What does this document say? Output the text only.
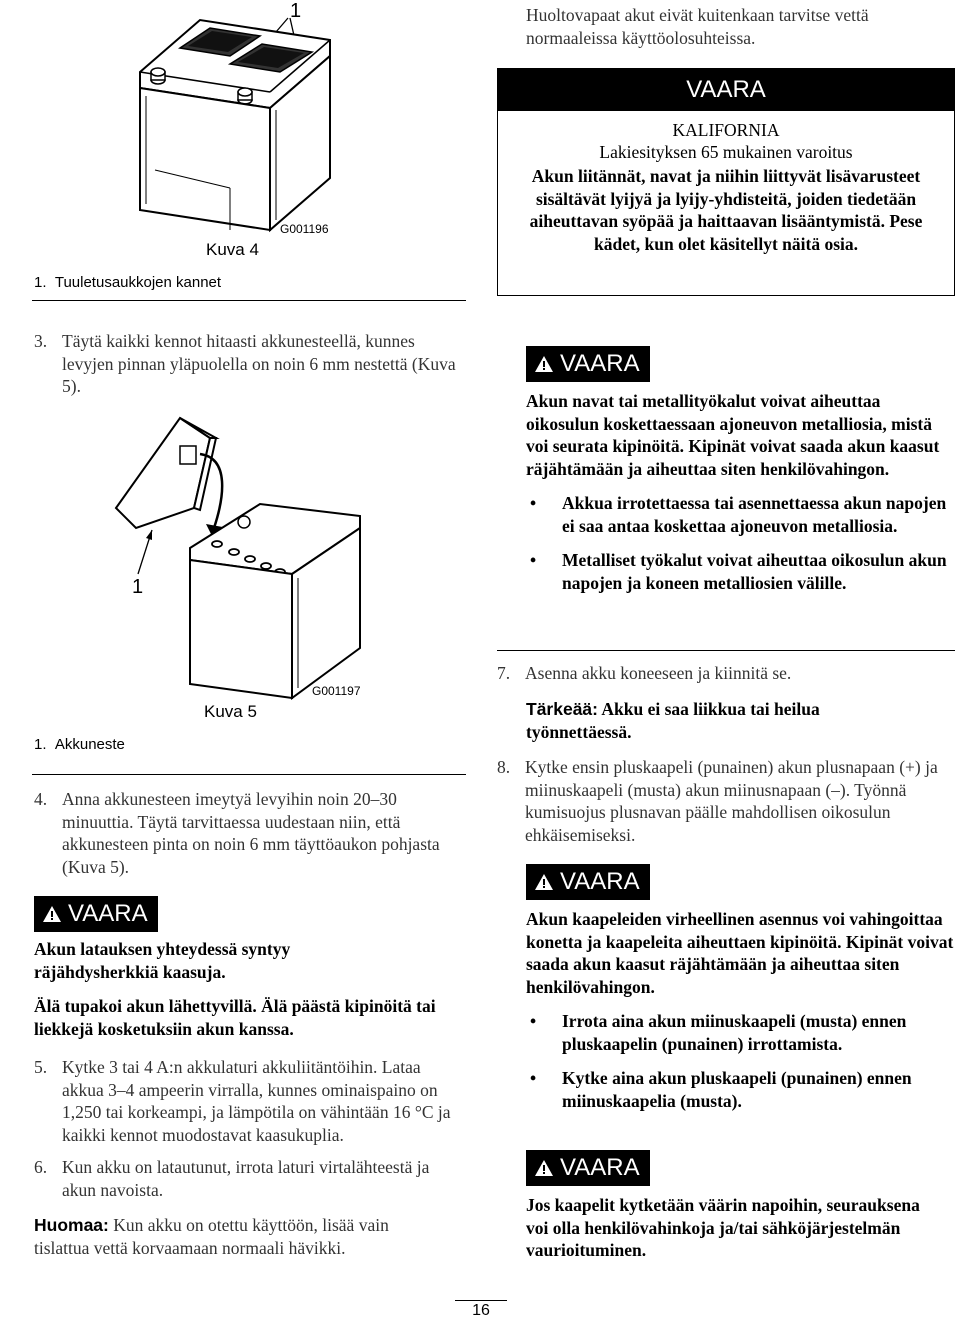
1
G001196
Kuva 4
1.  Tuuletusaukkojen kannet
3. Täytä kaikki kennot hitaasti akkunesteellä, kunnes levyjen pinnan yläpuolella on noin 6 mm nestettä (Kuva 5).
1
G001197
Kuva 5
1.  Akkuneste
4. Anna akkunesteen imeytyä levyihin noin 20–30 minuuttia. Täytä tarvittaessa uudestaan niin, että akkunesteen pinta on noin 6 mm täyttöaukon pohjasta (Kuva 5).
VAARA
Akun latauksen yhteydessä syntyy räjähdysherkkiä kaasuja.
Älä tupakoi akun lähettyvillä. Älä päästä kipinöitä tai liekkejä kosketuksiin akun kanssa.
5. Kytke 3 tai 4 A:n akkulaturi akkuliitäntöihin. Lataa akkua 3–4 ampeerin virralla, kunnes ominaispaino on 1,250 tai korkeampi, ja lämpötila on vähintään 16 °C ja kaikki kennot muodostavat kaasukuplia.
6. Kun akku on latautunut, irrota laturi virtalähteestä ja akun navoista.
Huomaa: Kun akku on otettu käyttöön, lisää vain tislattua vettä korvaamaan normaali hävikki.
Huoltovapaat akut eivät kuitenkaan tarvitse vettä normaaleissa käyttöolosuhteissa.
VAARA
KALIFORNIA
Lakiesityksen 65 mukainen varoitus
Akun liitännät, navat ja niihin liittyvät lisävarusteet sisältävät lyijyä ja lyijy-yhdisteitä, joiden tiedetään aiheuttavan syöpää ja haittaavan lisääntymistä. Pese kädet, kun olet käsitellyt näitä osia.
VAARA
Akun navat tai metallityökalut voivat aiheuttaa oikosulun koskettaessaan ajoneuvon metalliosia, mistä voi seurata kipinöitä. Kipinät voivat saada akun kaasut räjähtämään ja aiheuttaa siten henkilövahingon.
•	Akkua irrotettaessa tai asennettaessa akun napojen ei saa antaa koskettaa ajoneuvon metalliosia.
•	Metalliset työkalut voivat aiheuttaa oikosulun akun napojen ja koneen metalliosien välille.
7. Asenna akku koneeseen ja kiinnitä se.
Tärkeää: Akku ei saa liikkua tai heilua työnnettäessä.
8. Kytke ensin pluskaapeli (punainen) akun plusnapaan (+) ja miinuskaapeli (musta) akun miinusnapaan (–). Työnnä kumisuojus plusnavan päälle mahdollisen oikosulun ehkäisemiseksi.
VAARA
Akun kaapeleiden virheellinen asennus voi vahingoittaa konetta ja kaapeleita aiheuttaen kipinöitä. Kipinät voivat saada akun kaasut räjähtämään ja aiheuttaa siten henkilövahingon.
•	Irrota aina akun miinuskaapeli (musta) ennen pluskaapelin (punainen) irrottamista.
•	Kytke aina akun pluskaapeli (punainen) ennen miinuskaapelia (musta).
VAARA
Jos kaapelit kytketään väärin napoihin, seurauksena voi olla henkilövahinkoja ja/tai sähköjärjestelmän vaurioituminen.
16
